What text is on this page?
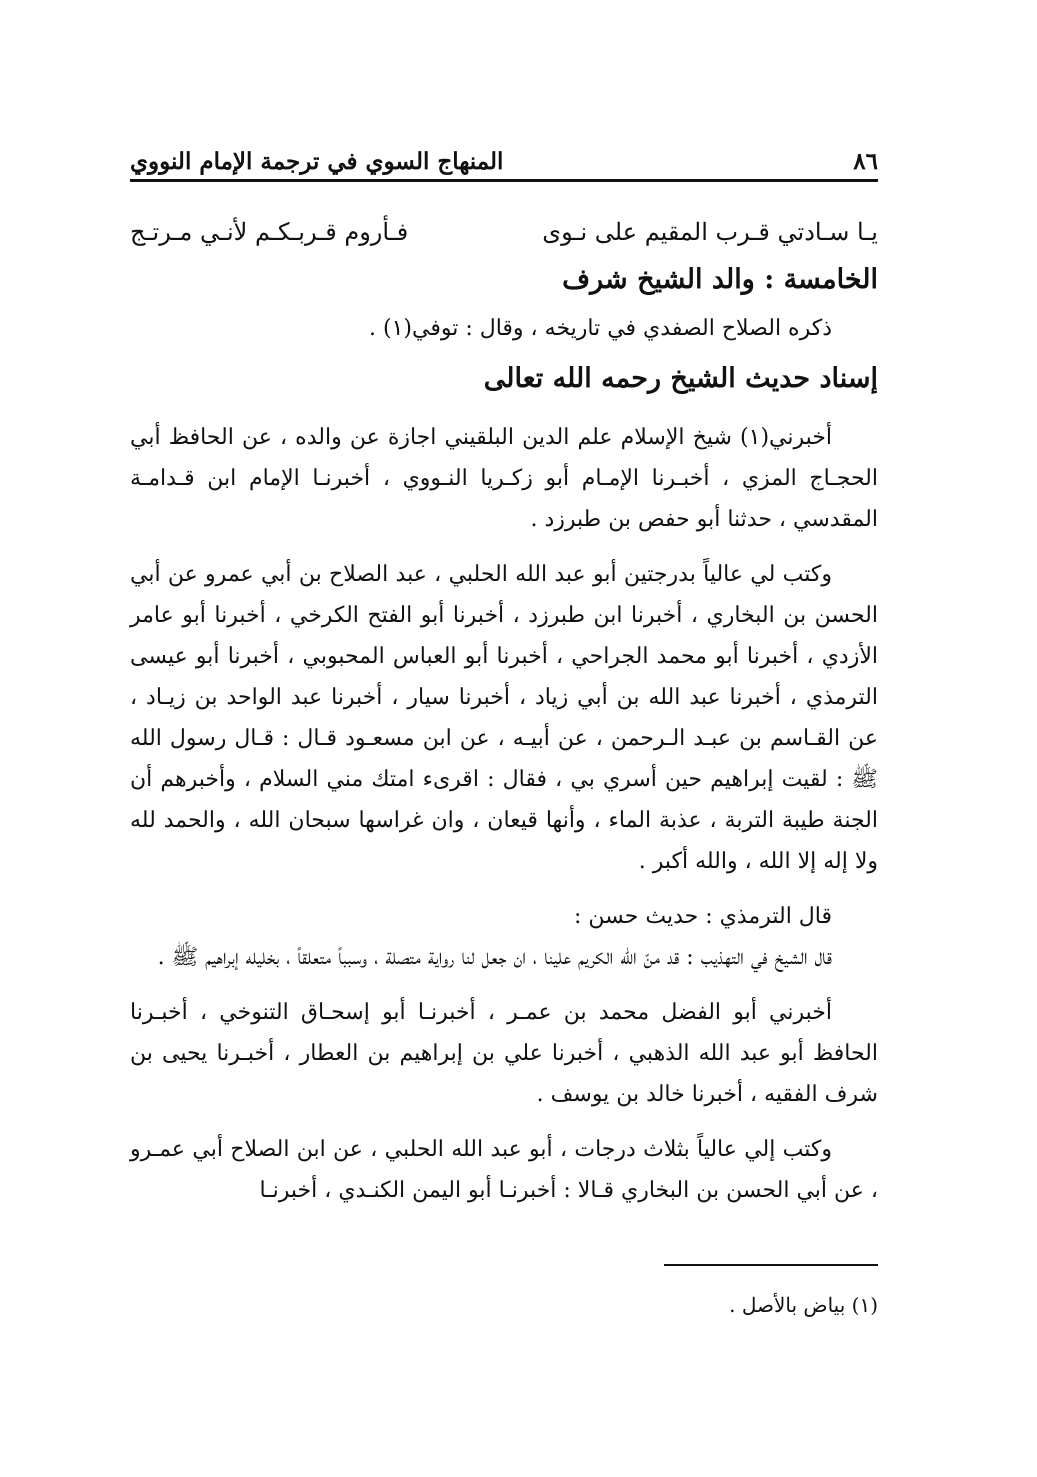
٨٦
المنهاج السوي في ترجمة الإمام النووي
يـا سـادتي قـرب المقيم على نـوى
فـأروم قـربـكـم لأنـي مـرتـج
الخامسة : والد الشيخ شرف

ذكره الصلاح الصفدي في تاريخه ، وقال : توفي(١) .

إسناد حديث الشيخ رحمه الله تعالى

أخبرني(١) شيخ الإسلام علم الدين البلقيني اجازة عن والده ، عن الحافظ أبي الحجـاج المزي ، أخبـرنا الإمـام أبو زكـريا النـووي ، أخبرنـا الإمام ابن قـدامـة المقدسي ، حدثنا أبو حفص بن طبرزد .

وكتب لي عالياً بدرجتين أبو عبد الله الحلبي ، عبد الصلاح بن أبي عمرو عن أبي الحسن بن البخاري ، أخبرنا ابن طبرزد ، أخبرنا أبو الفتح الكرخي ، أخبرنا أبو عامر الأزدي ، أخبرنا أبو محمد الجراحي ، أخبرنا أبو العباس المحبوبي ، أخبرنا أبو عيسى الترمذي ، أخبرنا عبد الله بن أبي زياد ، أخبرنا سيار ، أخبرنا عبد الواحد بن زيـاد ، عن القـاسم بن عبـد الـرحمن ، عن أبيـه ، عن ابن مسعـود قـال : قـال رسول الله ﷺ : لقيت إبراهيم حين أسري بي ، فقال : اقرىء امتك مني السلام ، وأخبرهم أن الجنة طيبة التربة ، عذبة الماء ، وأنها قيعان ، وان غراسها سبحان الله ، والحمد لله ولا إله إلا الله ، والله أكبر .

قال الترمذي : حديث حسن :

قال الشيخ في التهذيب : قد منّ الله الكريم علينا ، ان جعل لنا رواية متصلة ، وسبباً متعلقاً ، بخليله إبراهيم ﷺ .

أخبرني أبو الفضل محمد بن عمـر ، أخبرنـا أبو إسحـاق التنوخي ، أخبـرنا الحافظ أبو عبد الله الذهبي ، أخبرنا علي بن إبراهيم بن العطار ، أخبـرنا يحيى بن شرف الفقيه ، أخبرنا خالد بن يوسف .

وكتب إلي عالياً بثلاث درجات ، أبو عبد الله الحلبي ، عن ابن الصلاح أبي عمـرو ، عن أبي الحسن بن البخاري قـالا : أخبرنـا أبو اليمن الكنـدي ، أخبرنـا

(١) بياض بالأصل .
